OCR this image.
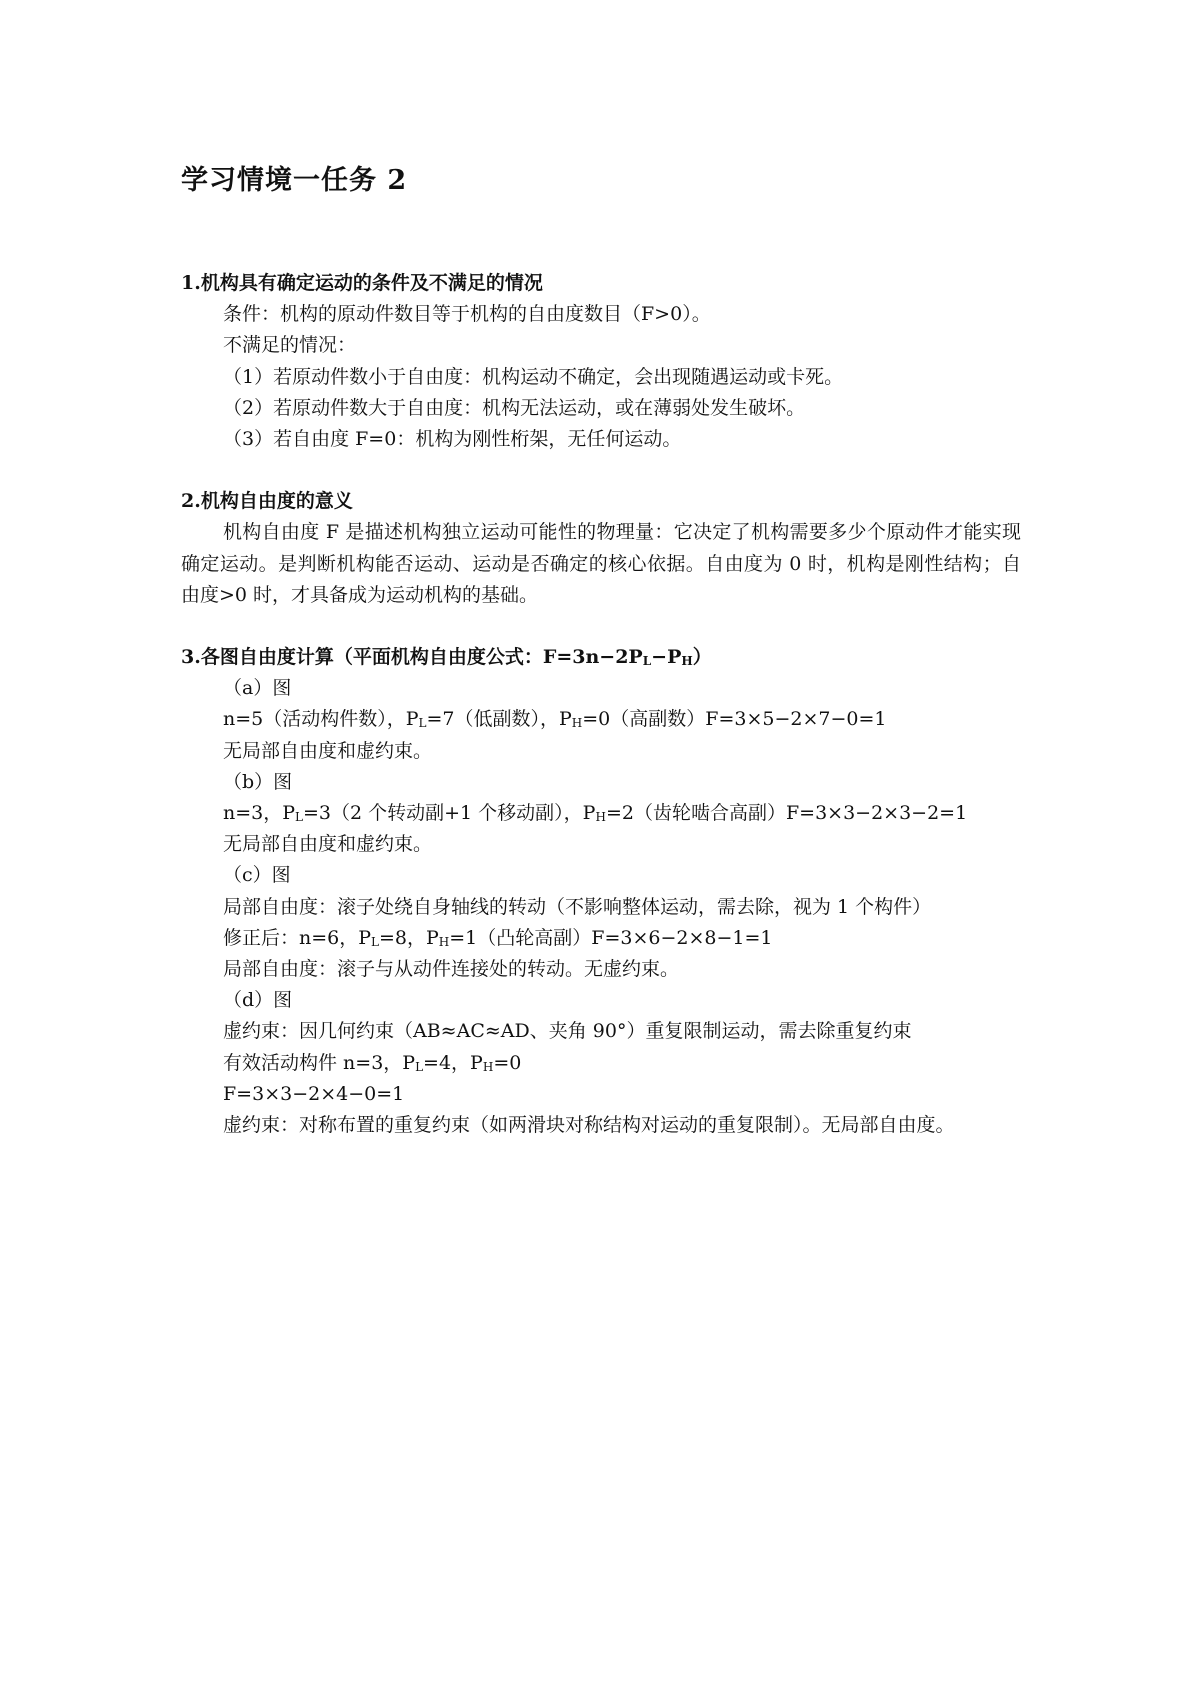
学习情境一任务 2
1.机构具有确定运动的条件及不满足的情况
条件：机构的原动件数目等于机构的自由度数目（F>0）。
不满足的情况：
（1）若原动件数小于自由度：机构运动不确定，会出现随遇运动或卡死。
（2）若原动件数大于自由度：机构无法运动，或在薄弱处发生破坏。
（3）若自由度 F=0：机构为刚性桁架，无任何运动。
2.机构自由度的意义
机构自由度 F 是描述机构独立运动可能性的物理量：它决定了机构需要多少个原动件才能实现确定运动。是判断机构能否运动、运动是否确定的核心依据。自由度为 0 时，机构是刚性结构；自由度>0 时，才具备成为运动机构的基础。
3.各图自由度计算（平面机构自由度公式：$F=3n-2P_L-P_H$）
（a）图
n=5（活动构件数），$P_L=7$（低副数），$P_H=0$（高副数）F=3×5−2×7−0=1
无局部自由度和虚约束。
（b）图
n=3，$P_L=3(2$ 个转动副+1 个移动副），$P_H=2$（齿轮啮合高副）F=3×3−2×3−2=1
无局部自由度和虚约束。
（c）图
局部自由度：滚子处绕自身轴线的转动（不影响整体运动，需去除，视为 1 个构件）
修正后：n=6，$P_L=8$，$P_H=1$（凸轮高副）F=3×6−2×8−1=1
局部自由度：滚子与从动件连接处的转动。无虚约束。
（d）图
虚约束：因几何约束（AB≈AC≈AD、夹角 90°）重复限制运动，需去除重复约束
有效活动构件 n=3，$P_L=4$，$P_H=0$
F=3×3−2×4−0=1
虚约束：对称布置的重复约束（如两滑块对称结构对运动的重复限制）。无局部自由度。
